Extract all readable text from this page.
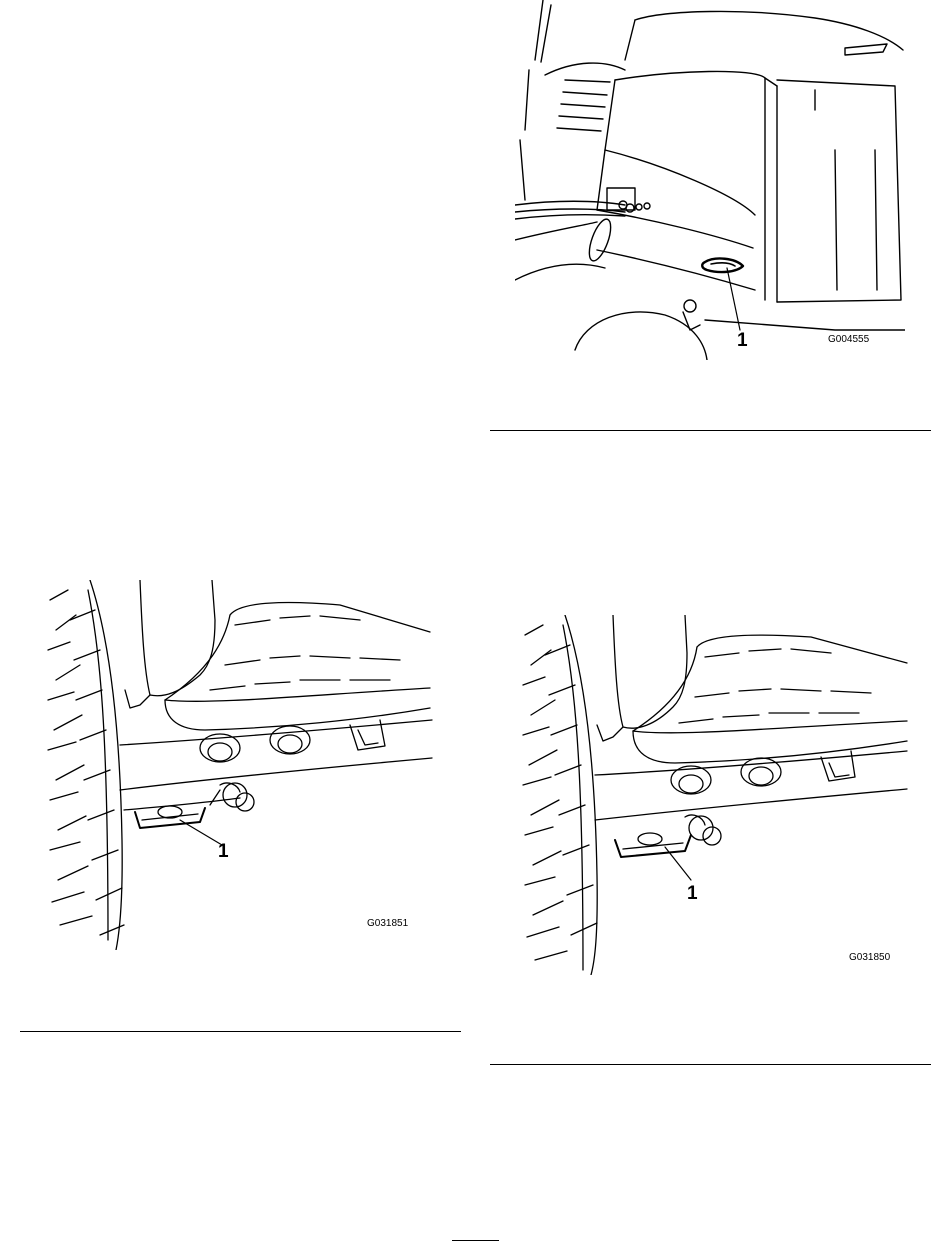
1	G004555
1
G031851
1
G031850
